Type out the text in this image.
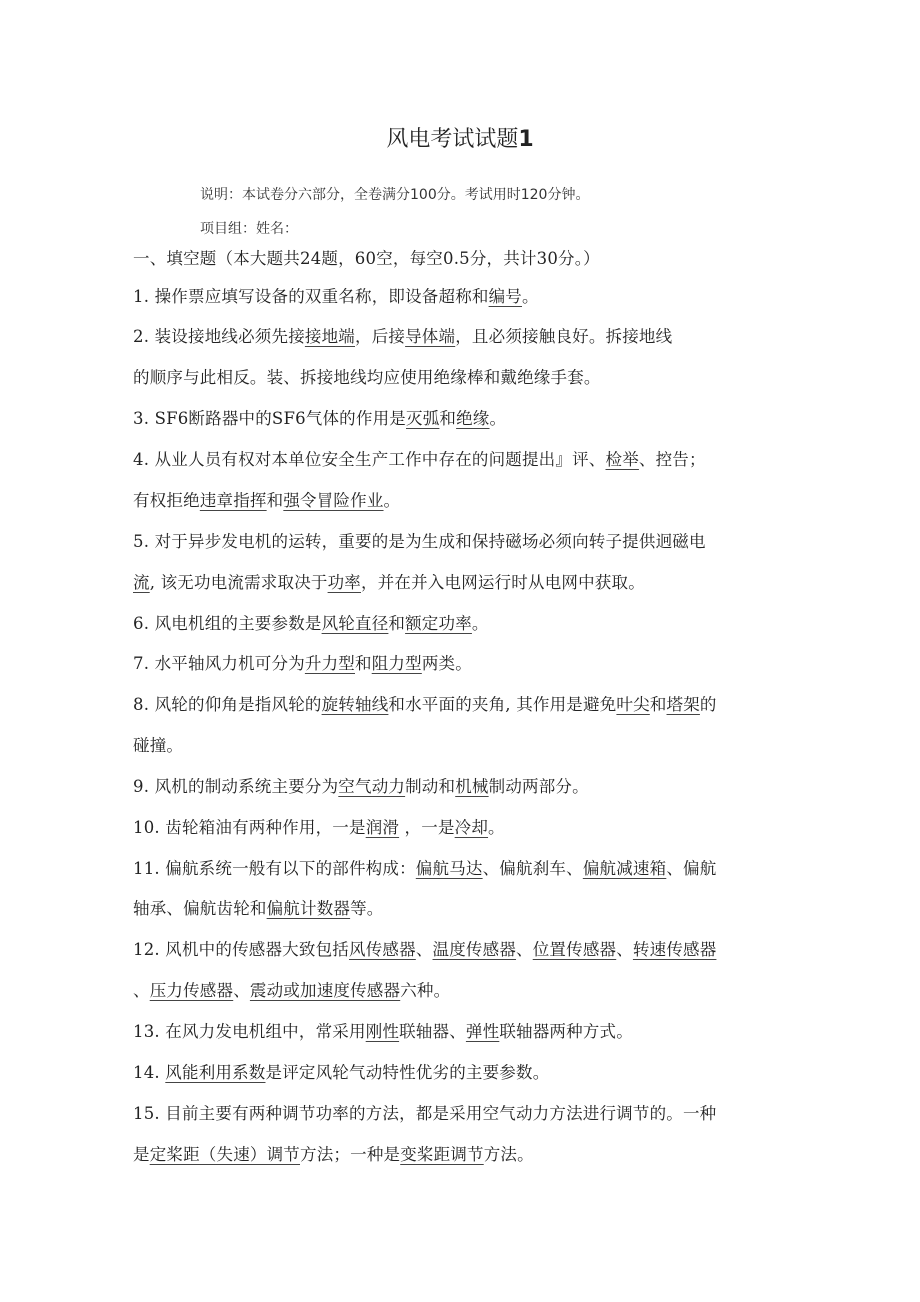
风电考试试题1
说明：本试卷分六部分，全卷满分100分。考试用时120分钟。
项目组：姓名：
一、填空题（本大题共24题，60空，每空0.5分，共计30分。）
1. 操作票应填写设备的双重名称，即设备超称和编号。
2. 装设接地线必须先接接地端，后接导体端，且必须接触良好。拆接地线
的顺序与此相反。装、拆接地线均应使用绝缘棒和戴绝缘手套。
3. SF6断路器中的SF6气体的作用是灭弧和绝缘。
4. 从业人员有权对本单位安全生产工作中存在的问题提出』评、检举、控告；
有权拒绝违章指挥和强令冒险作业。
5. 对于异步发电机的运转，重要的是为生成和保持磁场必须向转子提供迥磁电
流, 该无功电流需求取决于功率，并在并入电网运行时从电网中获取。
6. 风电机组的主要参数是风轮直径和额定功率。
7. 水平轴风力机可分为升力型和阻力型两类。
8. 风轮的仰角是指风轮的旋转轴线和水平面的夹角, 其作用是避免叶尖和塔架的
碰撞。
9. 风机的制动系统主要分为空气动力制动和机械制动两部分。
10. 齿轮箱油有两种作用，一是润滑 ，一是冷却。
11. 偏航系统一般有以下的部件构成：偏航马达、偏航刹车、偏航减速箱、偏航
轴承、偏航齿轮和偏航计数器等。
12. 风机中的传感器大致包括风传感器、温度传感器、位置传感器、转速传感器
、压力传感器、震动或加速度传感器六种。
13. 在风力发电机组中，常采用刚性联轴器、弹性联轴器两种方式。
14. 风能利用系数是评定风轮气动特性优劣的主要参数。
15. 目前主要有两种调节功率的方法，都是采用空气动力方法进行调节的。一种
是定桨距（失速）调节方法；一种是变桨距调节方法。
